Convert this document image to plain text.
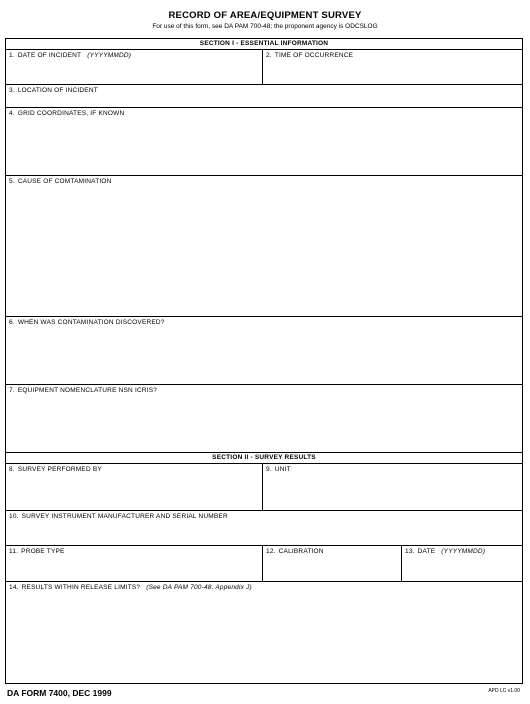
RECORD OF AREA/EQUIPMENT SURVEY
For use of this form, see DA PAM 700-48; the proponent agency is ODCSLOG
SECTION I - ESSENTIAL INFORMATION
1. DATE OF INCIDENT (YYYYMMDD)	2. TIME OF OCCURRENCE
3. LOCATION OF INCIDENT
4. GRID COORDINATES, IF KNOWN
5. CAUSE OF COMTAMINATION
6. WHEN WAS CONTAMINATION DISCOVERED?
7. EQUIPMENT NOMENCLATURE NSN ICRIS?
SECTION II - SURVEY RESULTS
8. SURVEY PERFORMED BY	9. UNIT
10. SURVEY INSTRUMENT MANUFACTURER AND SERIAL NUMBER
11. PROBE TYPE	12. CALIBRATION	13. DATE (YYYYMMDD)
14. RESULTS WITHIN RELEASE LIMITS? (See DA PAM 700-48, Appendix J)
DA FORM 7400, DEC 1999	APD LC v1.00
